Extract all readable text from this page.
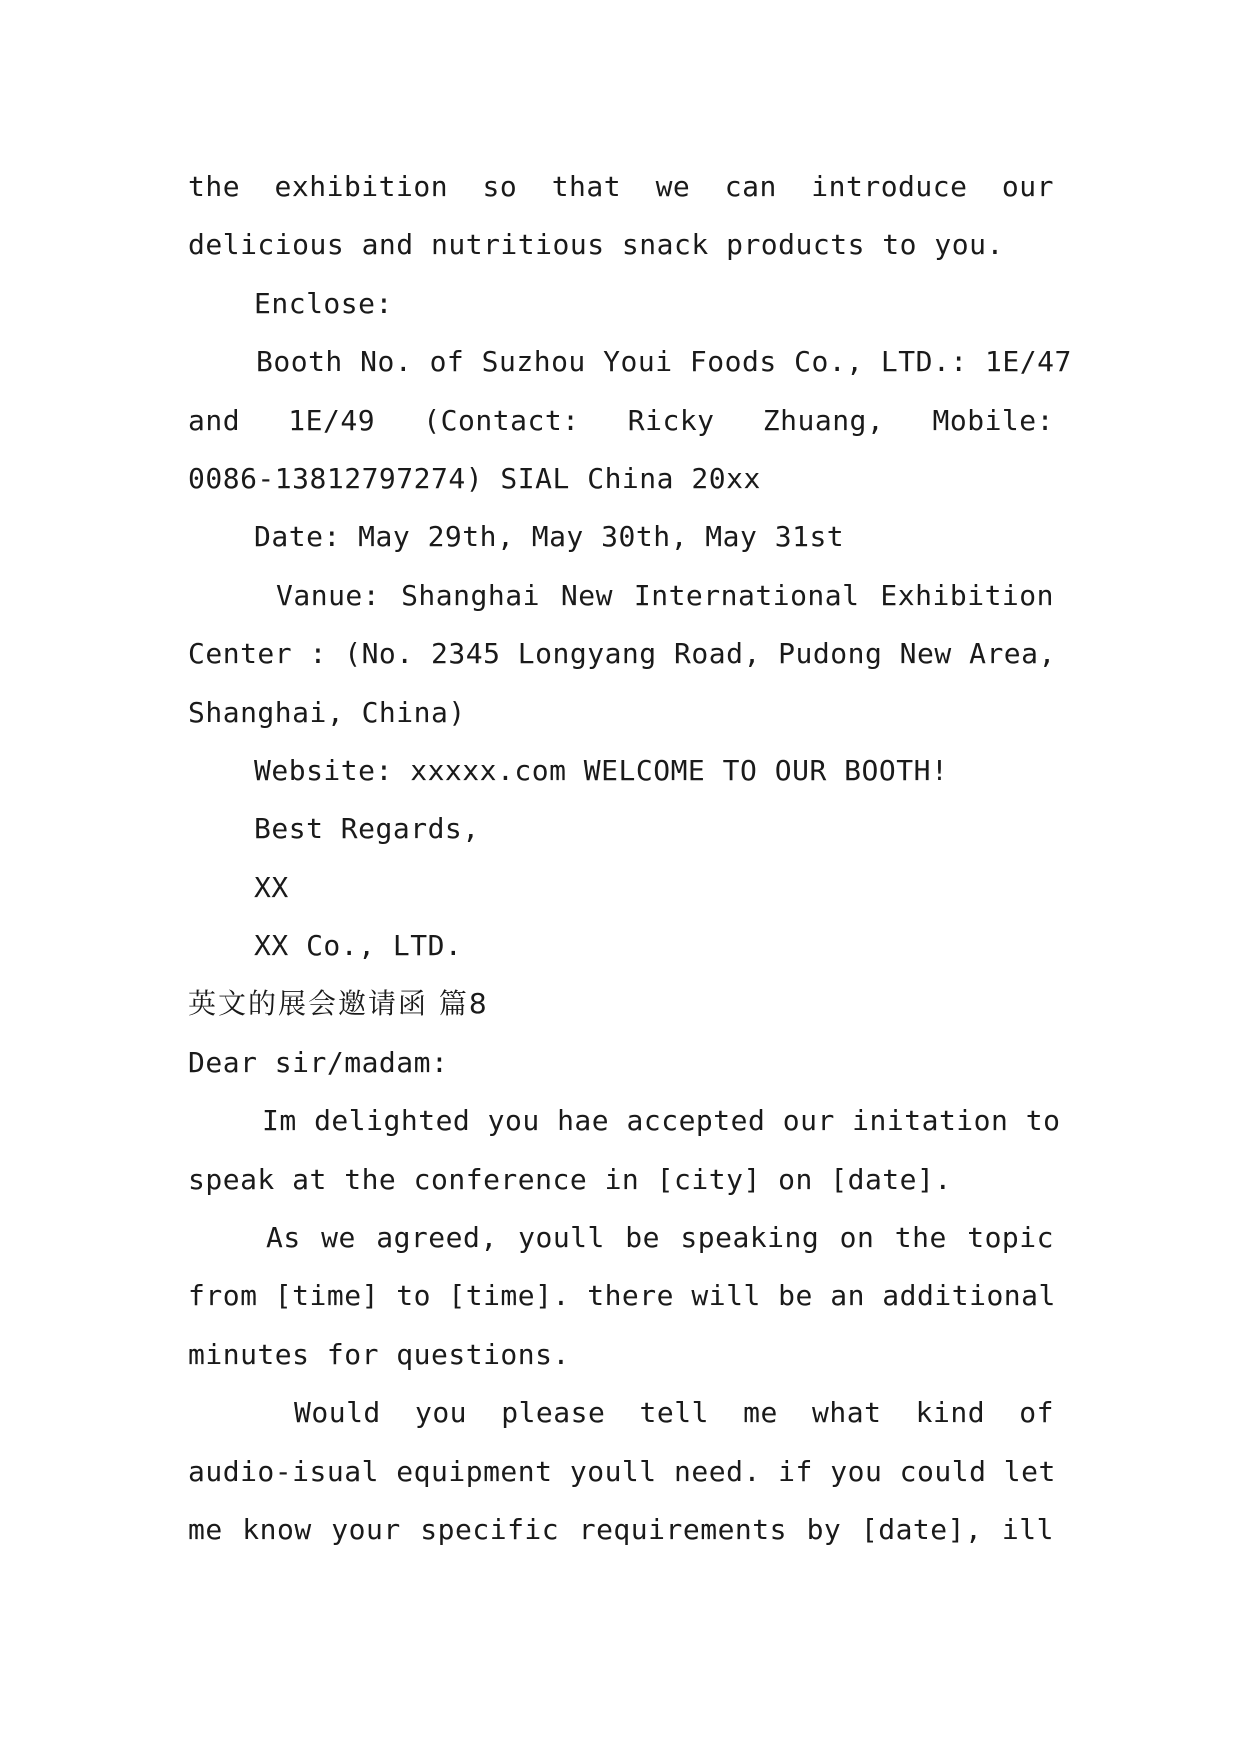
the exhibition so that we can introduce our
delicious and nutritious snack products to you.
Enclose:
Booth No. of Suzhou Youi Foods Co., LTD.: 1E/47
and 1E/49 (Contact: Ricky Zhuang, Mobile:
0086-13812797274) SIAL China 20xx
Date: May 29th, May 30th, May 31st
Vanue: Shanghai New International Exhibition
Center : (No. 2345 Longyang Road, Pudong New Area,
Shanghai, China)
Website: xxxxx.com WELCOME TO OUR BOOTH!
Best Regards,
XX
XX Co., LTD.
英文的展会邀请函 篇8
Dear sir/madam:
Im delighted you hae accepted our initation to
speak at the conference in [city] on [date].
As we agreed, youll be speaking on the topic
from [time] to [time]. there will be an additional
minutes for questions.
Would you please tell me what kind of
audio-isual equipment youll need. if you could let
me know your specific requirements by [date], ill
